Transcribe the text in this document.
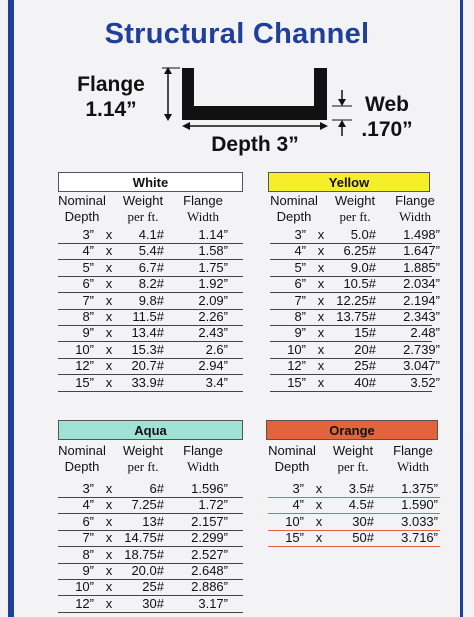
Structural Channel
Flange
1.14”
Depth 3”
Web
.170”
White
Nominal
Depth
Weight
per ft.
Flange
Width
3” x	4.1#	1.14”
4” x	5.4#	1.58”
5” x	6.7#	1.75”
6” x	8.2#	1.92”
7” x	9.8#	2.09”
8” x	11.5#	2.26”
9” x	13.4#	2.43”
10” x	15.3#	2.6”
12” x	20.7#	2.94”
15” x	33.9#	3.4”
Yellow
Nominal
Depth
Weight
per ft.
Flange
Width
3” x	5.0#	1.498”
4” x	6.25#	1.647”
5” x	9.0#	1.885”
6” x	10.5#	2.034”
7” x 12.25#	2.194”
8” x 13.75#	2.343”
9” x	15#	2.48”
10” x	20#	2.739”
12” x	25#	3.047”
15” x	40#	3.52”
Aqua
Nominal
Depth
Weight
per ft.
Flange
Width
3” x	6#	1.596”
4” x	7.25#	1.72”
6” x	13#	2.157”
7” x 14.75#	2.299”
8” x 18.75#	2.527”
9” x	20.0#	2.648”
10” x	25#	2.886”
12” x	30#	3.17”
Orange
Nominal
Depth
Weight
per ft.
Flange
Width
3” x	3.5#	1.375”
4” x	4.5#	1.590”
10” x	30#	3.033”
15” x	50#	3.716”
